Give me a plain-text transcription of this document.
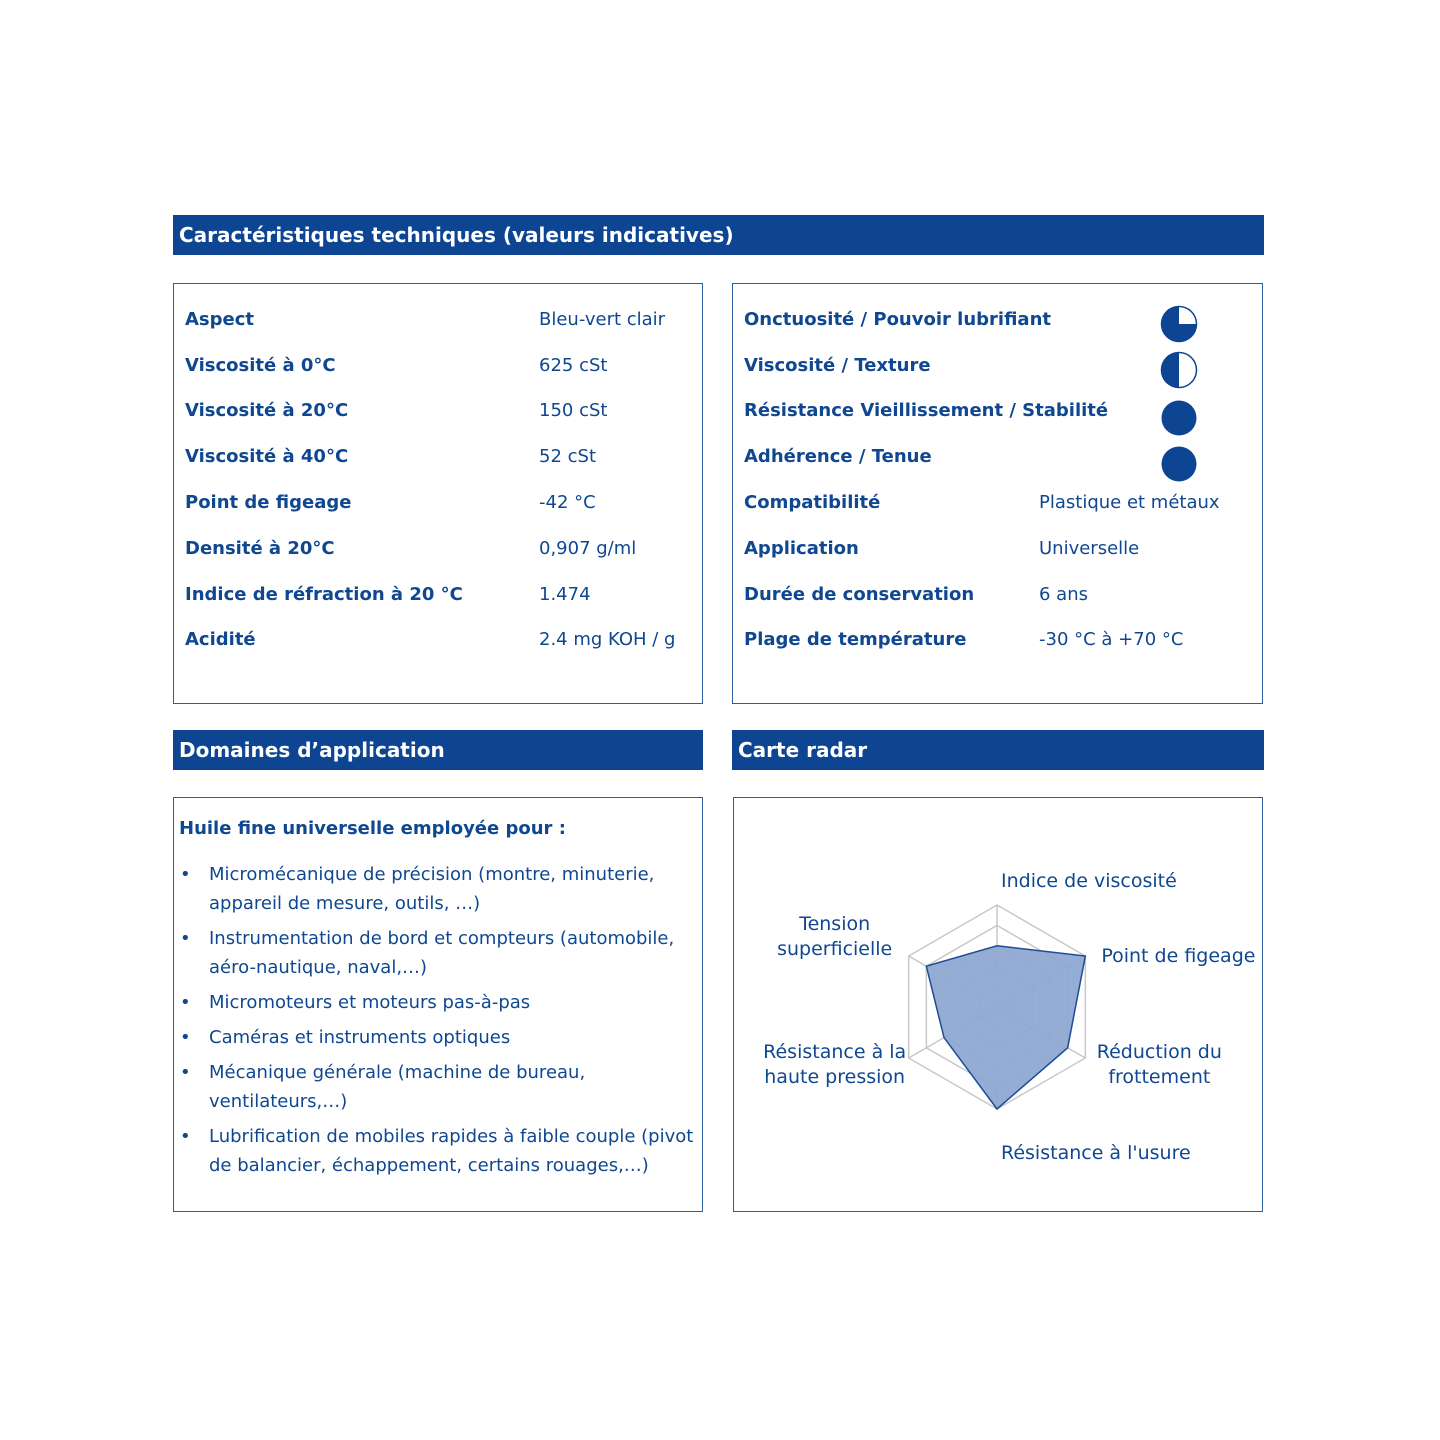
Caractéristiques techniques (valeurs indicatives)
Aspect	Bleu-vert clair
Viscosité à 0°C	625 cSt
Viscosité à 20°C	150 cSt
Viscosité à 40°C	52 cSt
Point de figeage	-42 °C
Densité à 20°C	0,907 g/ml
Indice de réfraction à 20 °C	1.474
Acidité	2.4 mg KOH / g
Onctuosité / Pouvoir lubrifiant
Viscosité / Texture
Résistance Vieillissement / Stabilité
Adhérence / Tenue
Compatibilité	Plastique et métaux
Application	Universelle
Durée de conservation	6 ans
Plage de température	-30 °C à +70 °C
Domaines d’application
Huile fine universelle employée pour :
• Micromécanique de précision (montre, minuterie, appareil de mesure, outils, …)
• Instrumentation de bord et compteurs (automobile, aéro-nautique, naval,…)
• Micromoteurs et moteurs pas-à-pas
• Caméras et instruments optiques
• Mécanique générale (machine de bureau, ventilateurs,…)
• Lubrification de mobiles rapides à faible couple (pivot de balancier, échappement, certains rouages,…)
Carte radar
Indice de viscosité
Point de figeage
Réduction du frottement
Résistance à l'usure
Résistance à la haute pression
Tension superficielle
